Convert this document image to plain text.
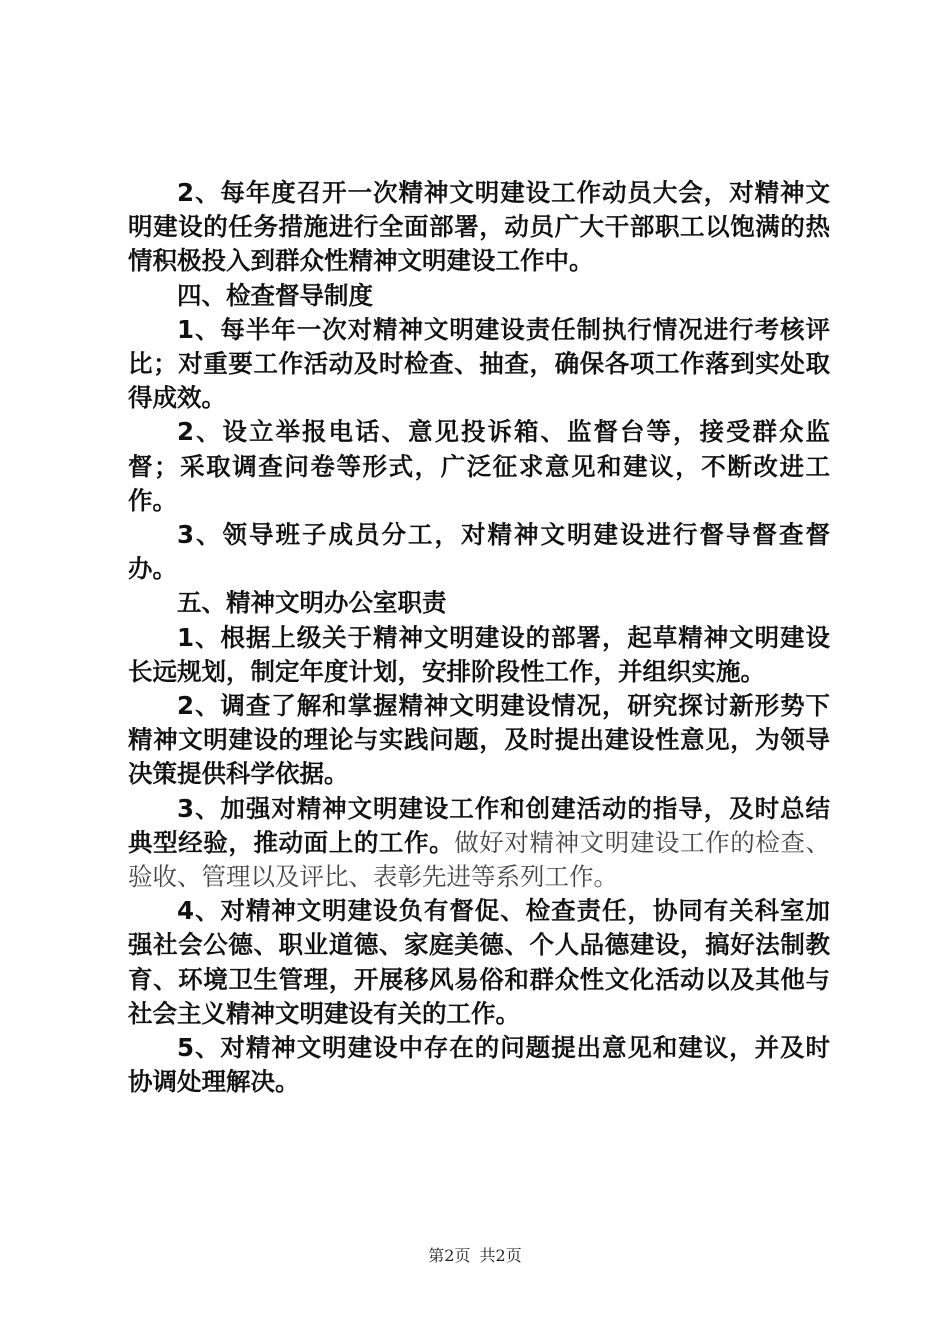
2、每年度召开一次精神文明建设工作动员大会，对精神文明建设的任务措施进行全面部署，动员广大干部职工以饱满的热情积极投入到群众性精神文明建设工作中。

四、检查督导制度

1、每半年一次对精神文明建设责任制执行情况进行考核评比；对重要工作活动及时检查、抽查，确保各项工作落到实处取得成效。

2、设立举报电话、意见投诉箱、监督台等，接受群众监督；采取调查问卷等形式，广泛征求意见和建议，不断改进工作。

3、领导班子成员分工，对精神文明建设进行督导督查督办。

五、精神文明办公室职责

1、根据上级关于精神文明建设的部署，起草精神文明建设长远规划，制定年度计划，安排阶段性工作，并组织实施。

2、调查了解和掌握精神文明建设情况，研究探讨新形势下精神文明建设的理论与实践问题，及时提出建设性意见，为领导决策提供科学依据。

3、加强对精神文明建设工作和创建活动的指导，及时总结典型经验，推动面上的工作。做好对精神文明建设工作的检查、验收、管理以及评比、表彰先进等系列工作。

4、对精神文明建设负有督促、检查责任，协同有关科室加强社会公德、职业道德、家庭美德、个人品德建设，搞好法制教育、环境卫生管理，开展移风易俗和群众性文化活动以及其他与社会主义精神文明建设有关的工作。

5、对精神文明建设中存在的问题提出意见和建议，并及时协调处理解决。

第2页 共2页
